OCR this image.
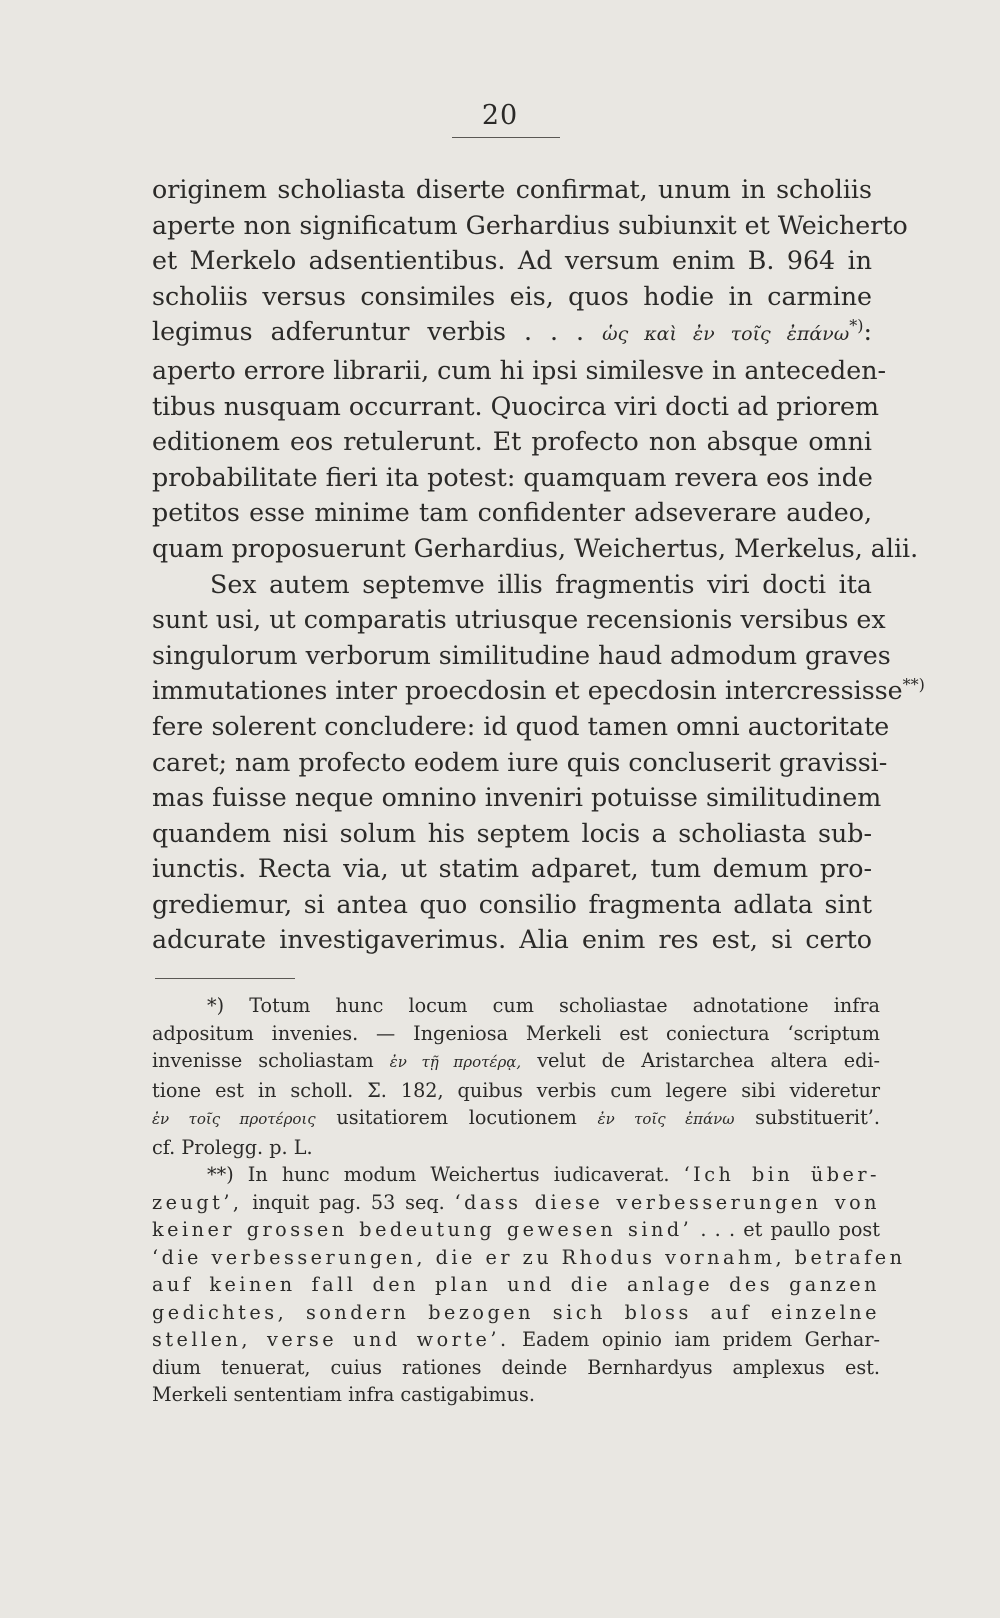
20
originem scholiasta diserte confirmat, unum in scholiis
aperte non significatum Gerhardius subiunxit et Weicherto
et Merkelo adsentientibus. Ad versum enim B. 964 in
scholiis versus consimiles eis, quos hodie in carmine
legimus adferuntur verbis . . . ὡς καὶ ἐν τοῖς ἐπάνω*):
aperto errore librarii, cum hi ipsi similesve in anteceden-
tibus nusquam occurrant. Quocirca viri docti ad priorem
editionem eos retulerunt. Et profecto non absque omni
probabilitate fieri ita potest: quamquam revera eos inde
petitos esse minime tam confidenter adseverare audeo,
quam proposuerunt Gerhardius, Weichertus, Merkelus, alii.
Sex autem septemve illis fragmentis viri docti ita
sunt usi, ut comparatis utriusque recensionis versibus ex
singulorum verborum similitudine haud admodum graves
immutationes inter proecdosin et epecdosin intercressisse**)
fere solerent concludere: id quod tamen omni auctoritate
caret; nam profecto eodem iure quis concluserit gravissi-
mas fuisse neque omnino inveniri potuisse similitudinem
quandem nisi solum his septem locis a scholiasta sub-
iunctis. Recta via, ut statim adparet, tum demum pro-
grediemur, si antea quo consilio fragmenta adlata sint
adcurate investigaverimus. Alia enim res est, si certo
*) Totum hunc locum cum scholiastae adnotatione infra
adpositum invenies. — Ingeniosa Merkeli est coniectura ‘scriptum
invenisse scholiastam ἐν τῇ προτέρᾳ, velut de Aristarchea altera edi-
tione est in scholl. Σ. 182, quibus verbis cum legere sibi videretur
ἐν τοῖς προτέροις usitatiorem locutionem ἐν τοῖς ἐπάνω substituerit’.
cf. Prolegg. p. L.
**) In hunc modum Weichertus iudicaverat. ‘Ich bin über-
zeugt’, inquit pag. 53 seq. ‘dass diese verbesserungen von
keiner grossen bedeutung gewesen sind’ . . . et paullo post
‘die verbesserungen, die er zu Rhodus vornahm, betrafen
auf keinen fall den plan und die anlage des ganzen
gedichtes, sondern bezogen sich bloss auf einzelne
stellen, verse und worte’. Eadem opinio iam pridem Gerhar-
dium tenuerat, cuius rationes deinde Bernhardyus amplexus est.
Merkeli sententiam infra castigabimus.
